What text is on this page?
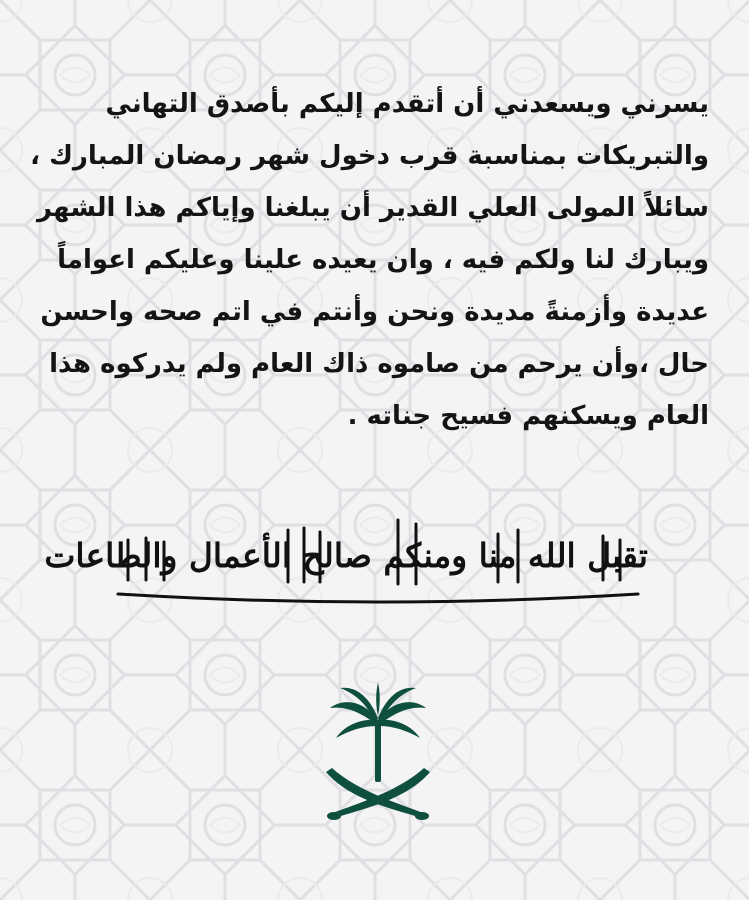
يسرني ويسعدني أن أتقدم إليكم بأصدق التهاني
والتبريكات بمناسبة قرب دخول شهر رمضان المبارك ،
سائلاً المولى العلي القدير أن يبلغنا وإياكم هذا الشهر
ويبارك لنا ولكم فيه ، وان يعيده علينا وعليكم اعواماً
عديدة وأزمنةً مديدة ونحن وأنتم في اتم صحه واحسن
حال ،وأن يرحم من صاموه ذاك العام ولم يدركوه هذا
العام ويسكنهم فسيح جناته .
تقبل الله منا ومنكم صالح الأعمال والطاعات
